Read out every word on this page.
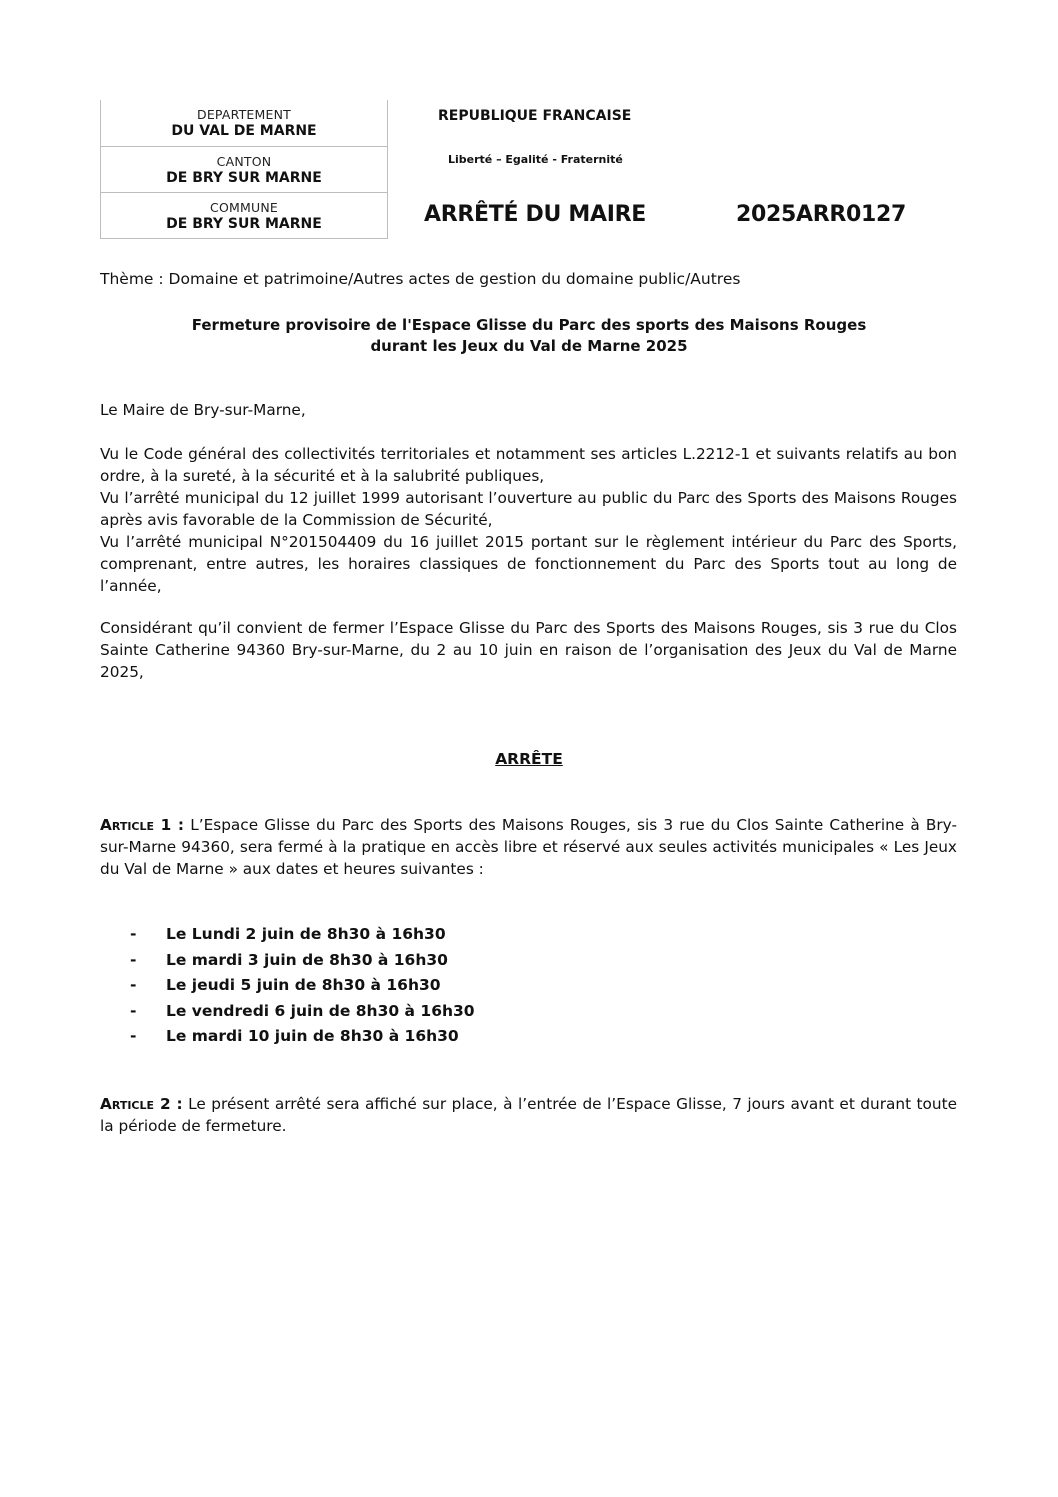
DEPARTEMENT
DU VAL DE MARNE
CANTON
DE BRY SUR MARNE
COMMUNE
DE BRY SUR MARNE
REPUBLIQUE FRANCAISE
Liberté – Egalité - Fraternité
ARRÊTÉ DU MAIRE	2025ARR0127
Thème : Domaine et patrimoine/Autres actes de gestion du domaine public/Autres
Fermeture provisoire de l'Espace Glisse du Parc des sports des Maisons Rouges
durant les Jeux du Val de Marne 2025
Le Maire de Bry-sur-Marne,

Vu le Code général des collectivités territoriales et notamment ses articles L.2212-1 et suivants relatifs au bon ordre, à la sureté, à la sécurité et à la salubrité publiques,

Vu l’arrêté municipal du 12 juillet 1999 autorisant l’ouverture au public du Parc des Sports des Maisons Rouges après avis favorable de la Commission de Sécurité,

Vu l’arrêté municipal N°201504409 du 16 juillet 2015 portant sur le règlement intérieur du Parc des Sports, comprenant, entre autres, les horaires classiques de fonctionnement du Parc des Sports tout au long de l’année,

Considérant qu’il convient de fermer l’Espace Glisse du Parc des Sports des Maisons Rouges, sis 3 rue du Clos Sainte Catherine 94360 Bry-sur-Marne, du 2 au 10 juin en raison de l’organisation des Jeux du Val de Marne 2025,
ARRÊTE
Article 1 : L’Espace Glisse du Parc des Sports des Maisons Rouges, sis 3 rue du Clos Sainte Catherine à Bry-sur-Marne 94360, sera fermé à la pratique en accès libre et réservé aux seules activités municipales « Les Jeux du Val de Marne » aux dates et heures suivantes :
-	Le Lundi 2 juin de 8h30 à 16h30
-	Le mardi 3 juin de 8h30 à 16h30
-	Le jeudi 5 juin de 8h30 à 16h30
-	Le vendredi 6 juin de 8h30 à 16h30
-	Le mardi 10 juin de 8h30 à 16h30
Article 2 : Le présent arrêté sera affiché sur place, à l’entrée de l’Espace Glisse, 7 jours avant et durant toute la période de fermeture.
